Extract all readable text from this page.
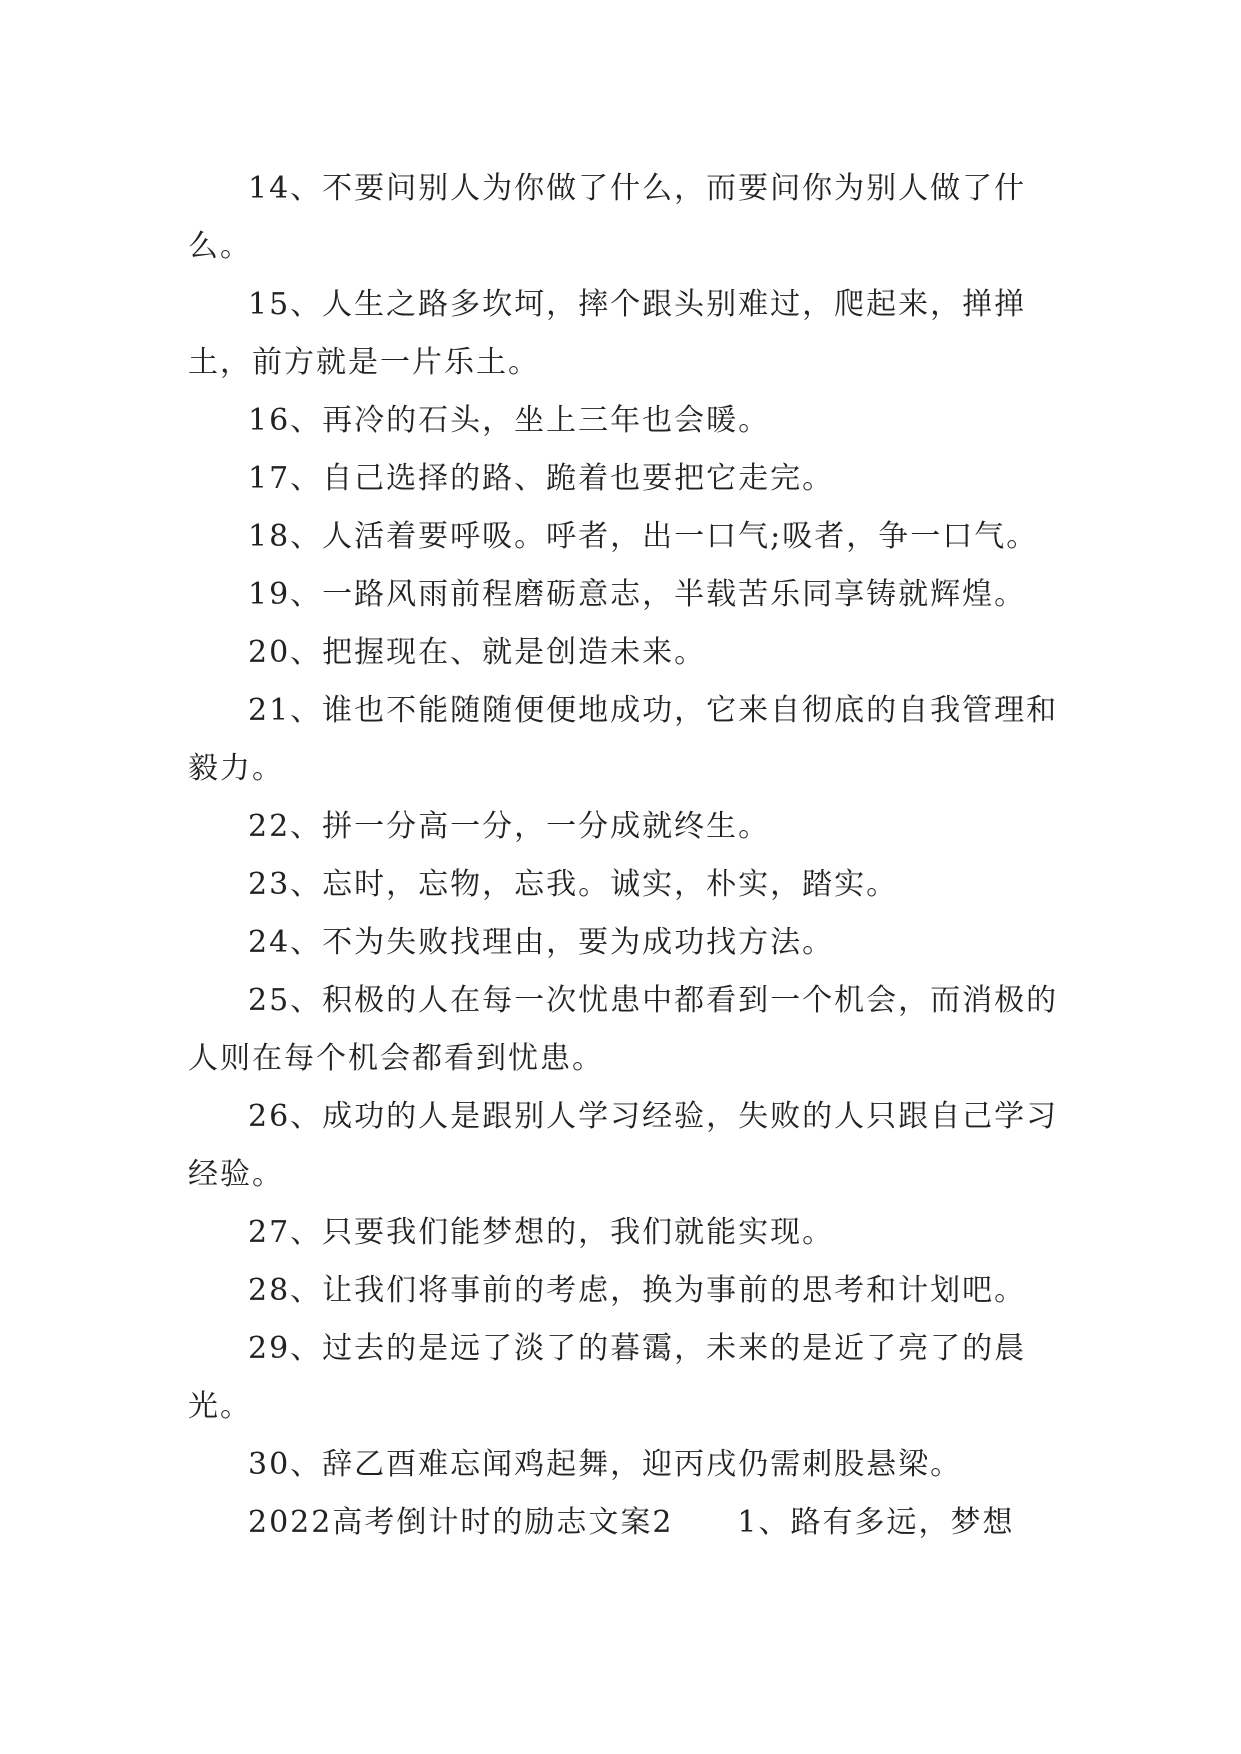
14、不要问别人为你做了什么，而要问你为别人做了什么。

15、人生之路多坎坷，摔个跟头别难过，爬起来，掸掸土，前方就是一片乐土。

16、再冷的石头，坐上三年也会暖。

17、自己选择的路、跪着也要把它走完。

18、人活着要呼吸。呼者，出一口气;吸者，争一口气。

19、一路风雨前程磨砺意志，半载苦乐同享铸就辉煌。

20、把握现在、就是创造未来。

21、谁也不能随随便便地成功，它来自彻底的自我管理和毅力。

22、拼一分高一分，一分成就终生。

23、忘时，忘物，忘我。诚实，朴实，踏实。

24、不为失败找理由，要为成功找方法。

25、积极的人在每一次忧患中都看到一个机会，而消极的人则在每个机会都看到忧患。

26、成功的人是跟别人学习经验，失败的人只跟自己学习经验。

27、只要我们能梦想的，我们就能实现。

28、让我们将事前的考虑，换为事前的思考和计划吧。

29、过去的是远了淡了的暮霭，未来的是近了亮了的晨光。

30、辞乙酉难忘闻鸡起舞，迎丙戌仍需刺股悬梁。

2022高考倒计时的励志文案2　　1、路有多远，梦想
